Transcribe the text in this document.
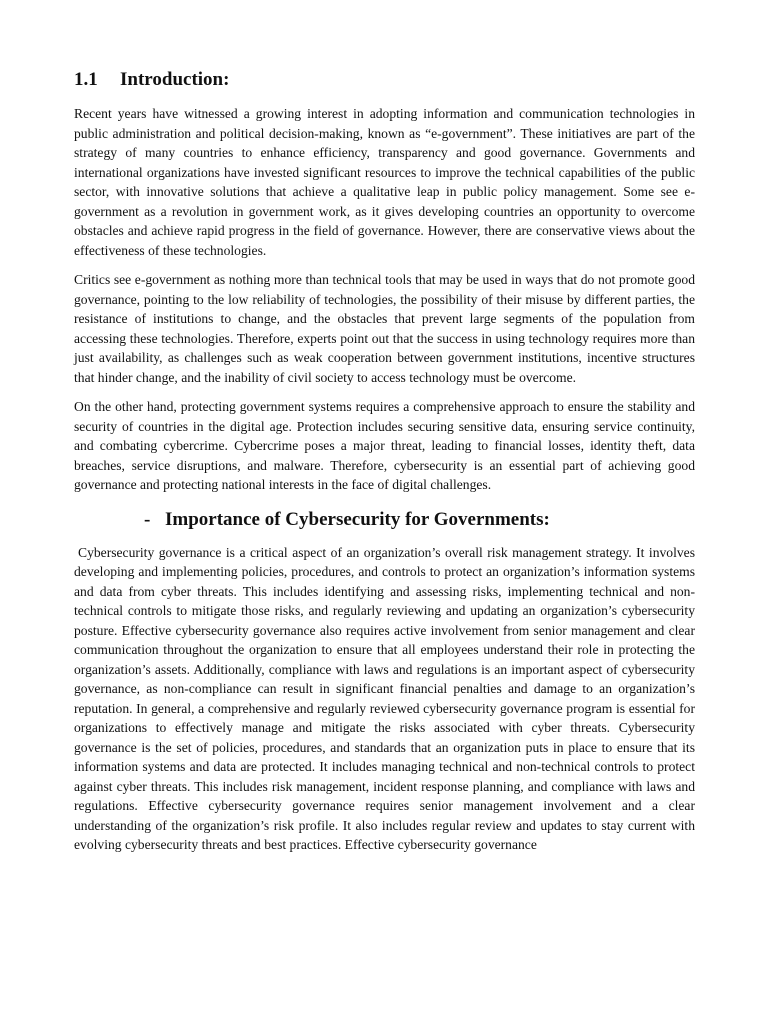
1.1	Introduction:

Recent years have witnessed a growing interest in adopting information and communication technologies in public administration and political decision-making, known as “e-government”. These initiatives are part of the strategy of many countries to enhance efficiency, transparency and good governance. Governments and international organizations have invested significant resources to improve the technical capabilities of the public sector, with innovative solutions that achieve a qualitative leap in public policy management. Some see e-government as a revolution in government work, as it gives developing countries an opportunity to overcome obstacles and achieve rapid progress in the field of governance. However, there are conservative views about the effectiveness of these technologies.

Critics see e-government as nothing more than technical tools that may be used in ways that do not promote good governance, pointing to the low reliability of technologies, the possibility of their misuse by different parties, the resistance of institutions to change, and the obstacles that prevent large segments of the population from accessing these technologies. Therefore, experts point out that the success in using technology requires more than just availability, as challenges such as weak cooperation between government institutions, incentive structures that hinder change, and the inability of civil society to access technology must be overcome.

On the other hand, protecting government systems requires a comprehensive approach to ensure the stability and security of countries in the digital age. Protection includes securing sensitive data, ensuring service continuity, and combating cybercrime. Cybercrime poses a major threat, leading to financial losses, identity theft, data breaches, service disruptions, and malware. Therefore, cybersecurity is an essential part of achieving good governance and protecting national interests in the face of digital challenges.

- Importance of Cybersecurity for Governments:

Cybersecurity governance is a critical aspect of an organization’s overall risk management strategy. It involves developing and implementing policies, procedures, and controls to protect an organization’s information systems and data from cyber threats. This includes identifying and assessing risks, implementing technical and non-technical controls to mitigate those risks, and regularly reviewing and updating an organization’s cybersecurity posture. Effective cybersecurity governance also requires active involvement from senior management and clear communication throughout the organization to ensure that all employees understand their role in protecting the organization’s assets. Additionally, compliance with laws and regulations is an important aspect of cybersecurity governance, as non-compliance can result in significant financial penalties and damage to an organization’s reputation. In general, a comprehensive and regularly reviewed cybersecurity governance program is essential for organizations to effectively manage and mitigate the risks associated with cyber threats. Cybersecurity governance is the set of policies, procedures, and standards that an organization puts in place to ensure that its information systems and data are protected. It includes managing technical and non-technical controls to protect against cyber threats. This includes risk management, incident response planning, and compliance with laws and regulations. Effective cybersecurity governance requires senior management involvement and a clear understanding of the organization’s risk profile. It also includes regular review and updates to stay current with evolving cybersecurity threats and best practices. Effective cybersecurity governance
